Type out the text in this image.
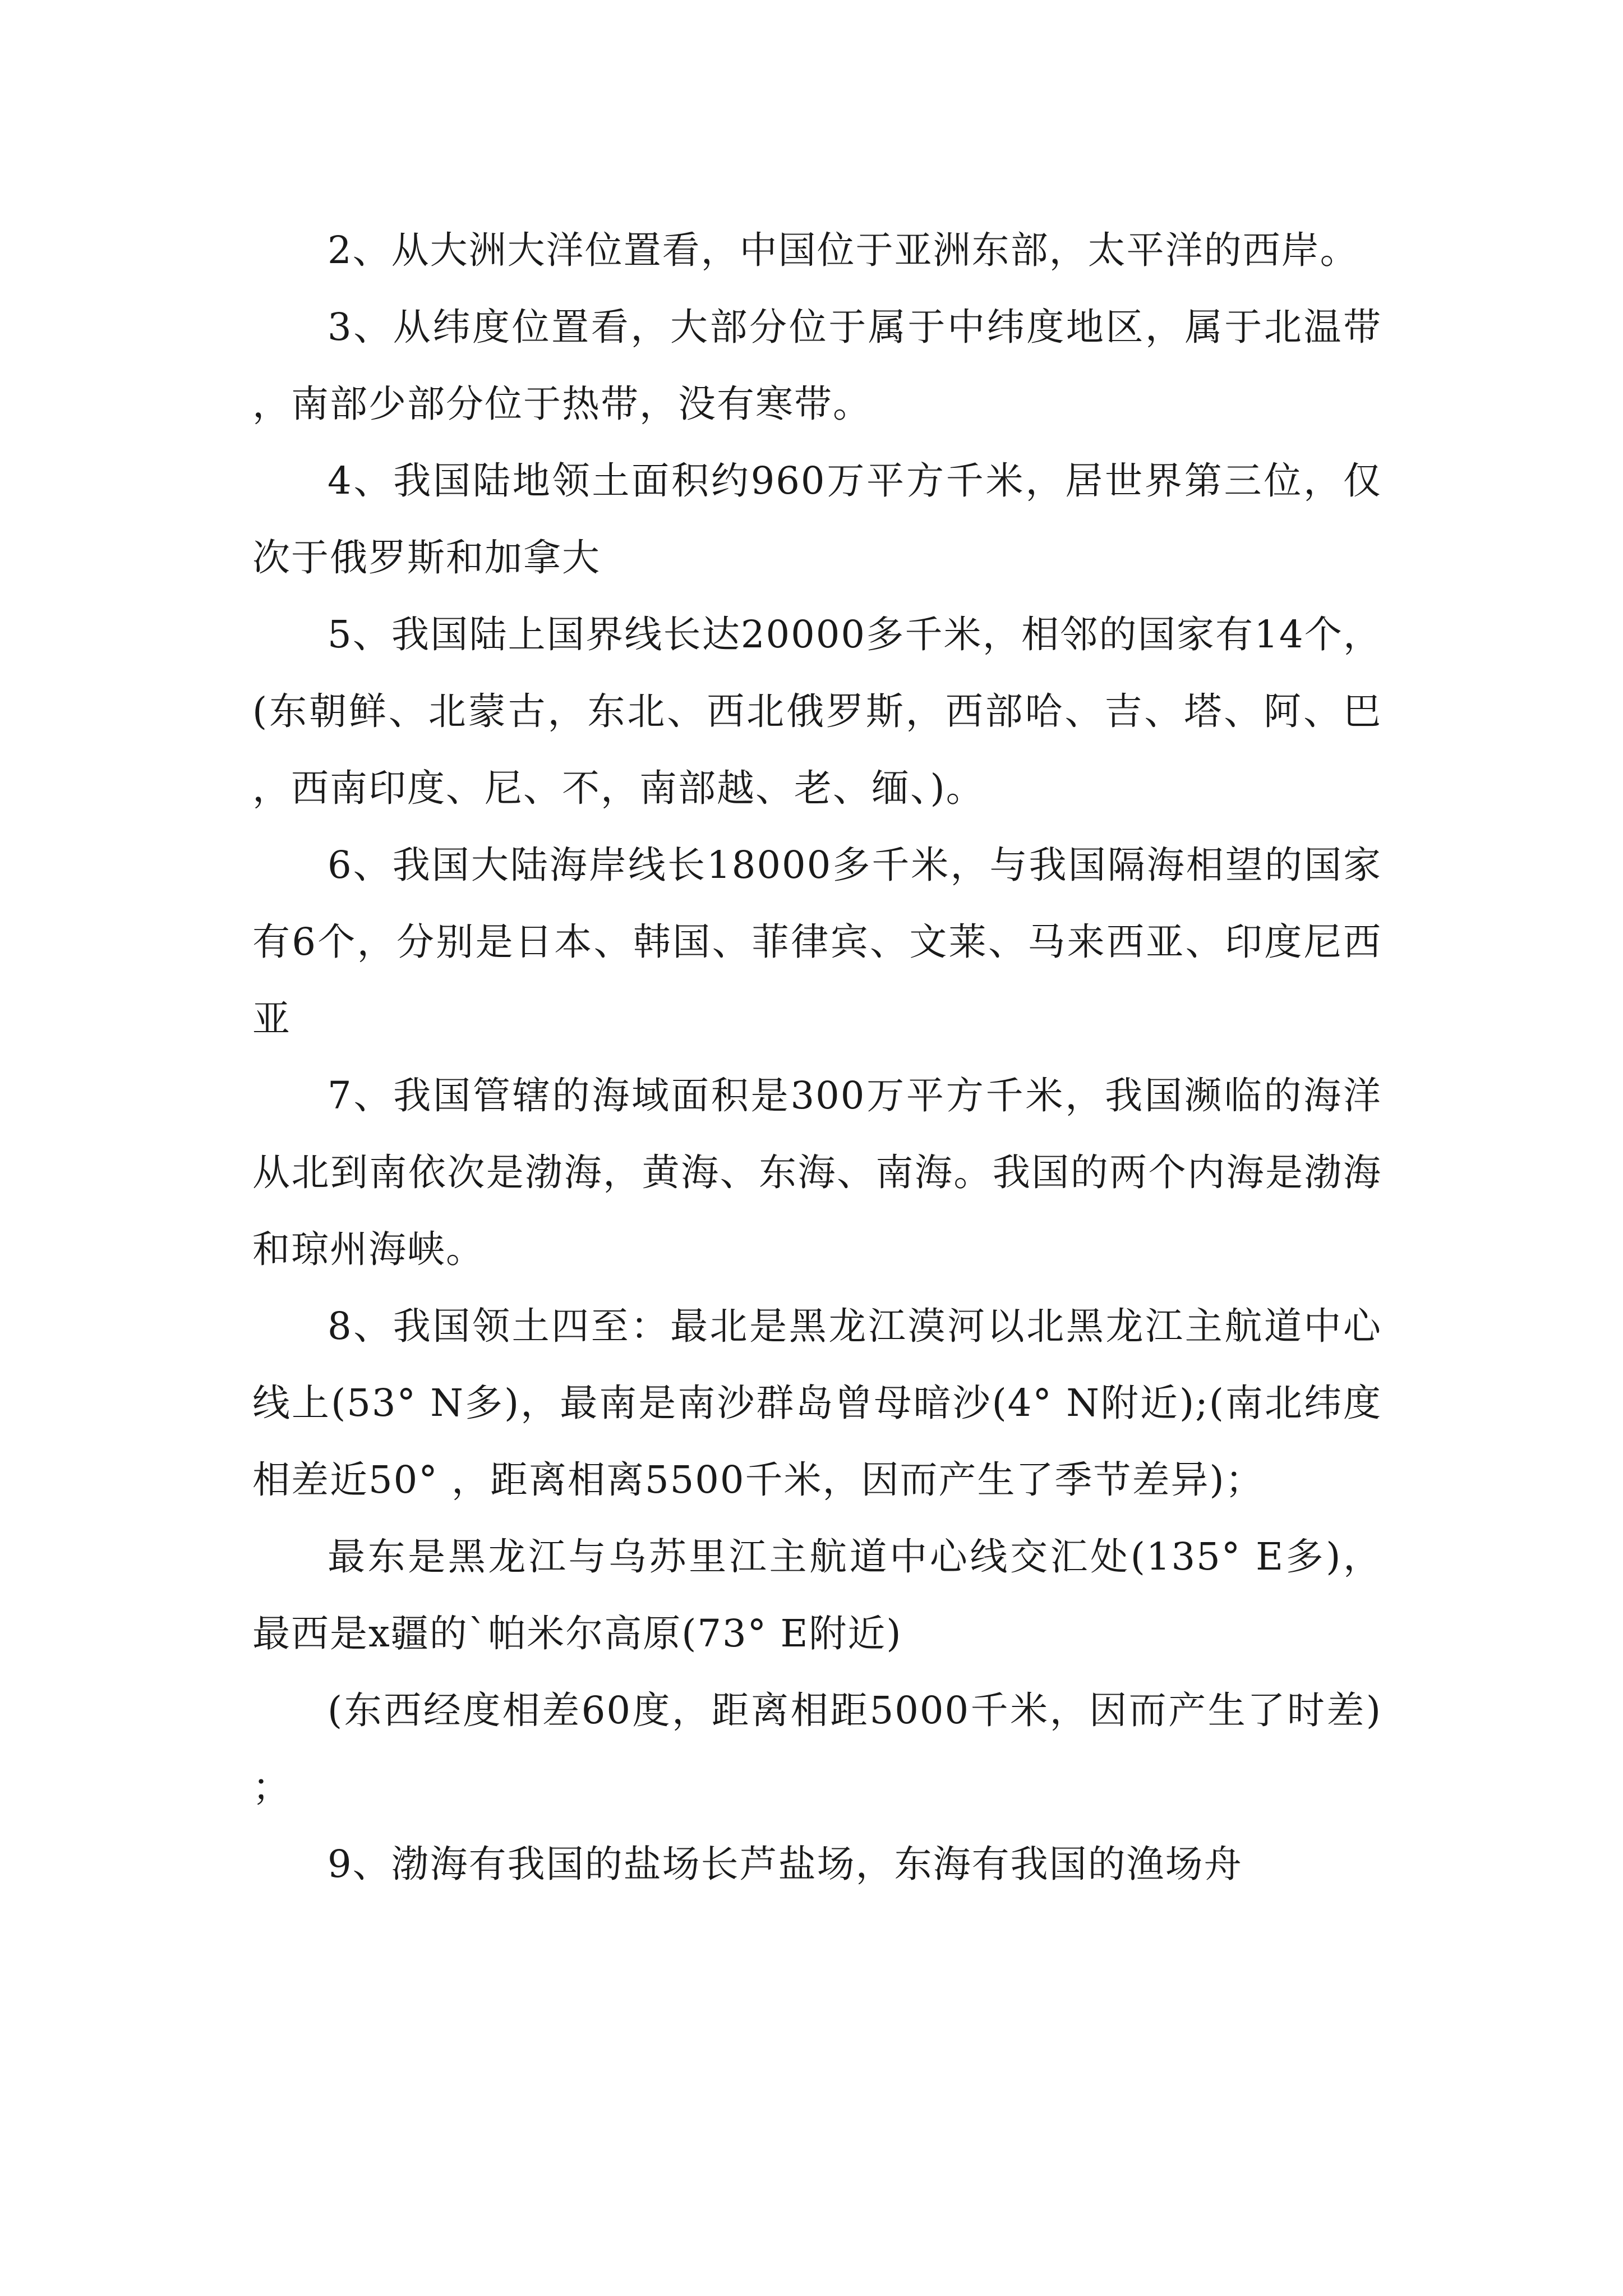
2、从大洲大洋位置看，中国位于亚洲东部，太平洋的西岸。

3、从纬度位置看，大部分位于属于中纬度地区，属于北温带，南部少部分位于热带，没有寒带。

4、我国陆地领土面积约960万平方千米，居世界第三位，仅次于俄罗斯和加拿大

5、我国陆上国界线长达20000多千米，相邻的国家有14个，(东朝鲜、北蒙古，东北、西北俄罗斯，西部哈、吉、塔、阿、巴，西南印度、尼、不，南部越、老、缅、)。

6、我国大陆海岸线长18000多千米，与我国隔海相望的国家有6个，分别是日本、韩国、菲律宾、文莱、马来西亚、印度尼西亚

7、我国管辖的海域面积是300万平方千米，我国濒临的海洋从北到南依次是渤海，黄海、东海、南海。我国的两个内海是渤海和琼州海峡。

8、我国领土四至：最北是黑龙江漠河以北黑龙江主航道中心线上(53° N多)，最南是南沙群岛曾母暗沙(4° N附近);(南北纬度相差近50° ，距离相离5500千米，因而产生了季节差异)；

最东是黑龙江与乌苏里江主航道中心线交汇处(135° E多)，最西是x疆的`帕米尔高原(73° E附近)

(东西经度相差60度，距离相距5000千米，因而产生了时差)；

9、渤海有我国的盐场长芦盐场，东海有我国的渔场舟
